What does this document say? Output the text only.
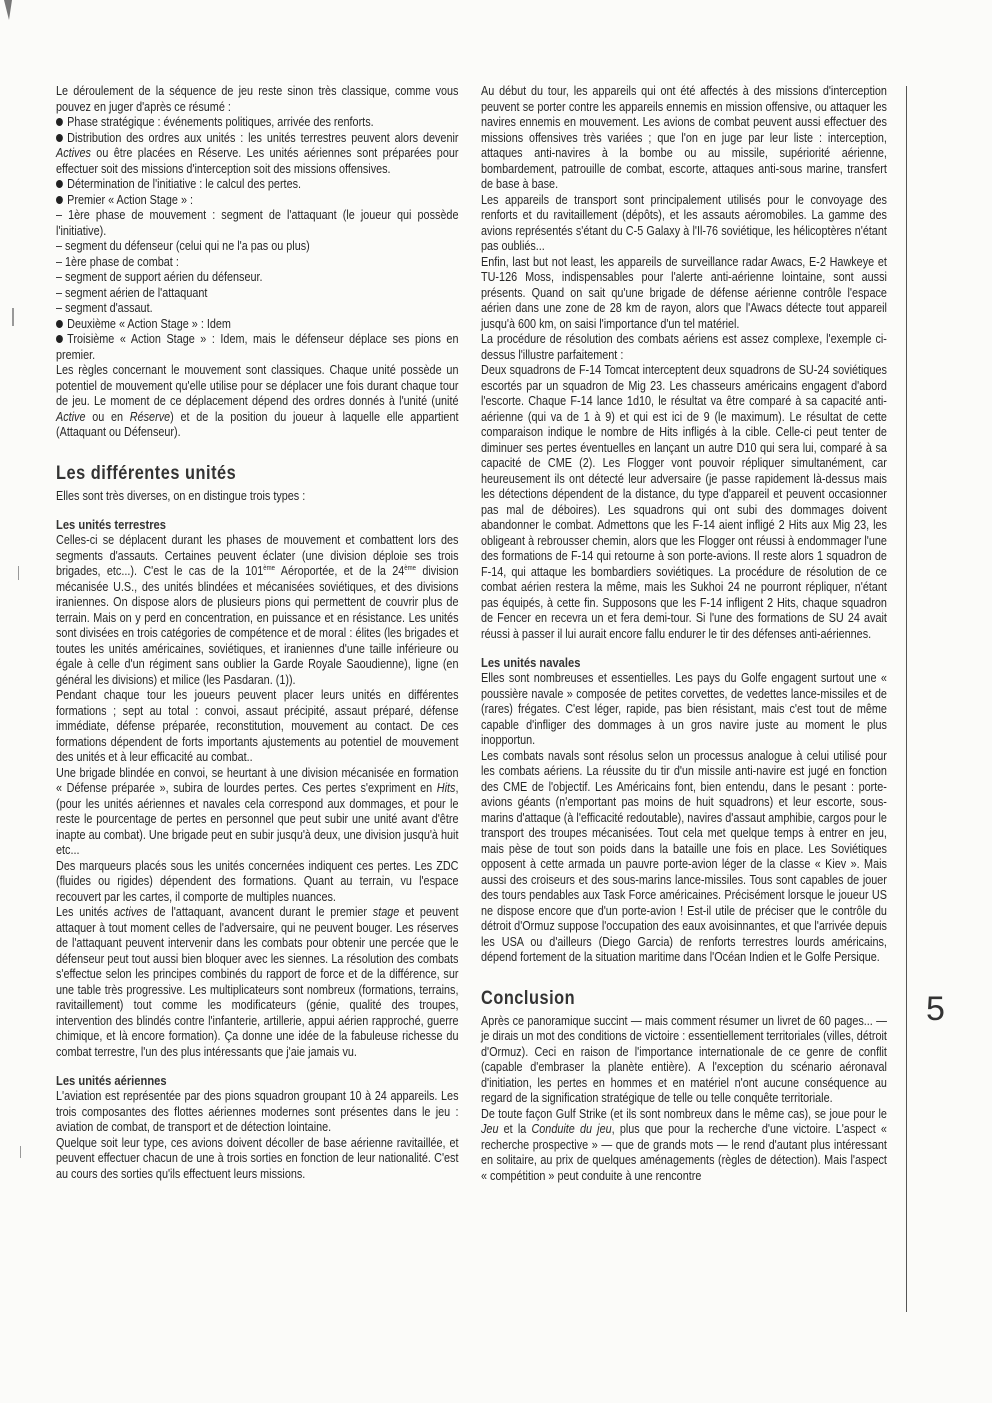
Le déroulement de la séquence de jeu reste sinon très classique, comme vous pouvez en juger d'après ce résumé :

Phase stratégique : événements politiques, arrivée des renforts.

Distribution des ordres aux unités : les unités terrestres peuvent alors devenir Actives ou être placées en Réserve. Les unités aériennes sont préparées pour effectuer soit des missions d'interception soit des missions offensives.

Détermination de l'initiative : le calcul des pertes.

Premier « Action Stage » :

– 1ère phase de mouvement : segment de l'attaquant (le joueur qui possède l'initiative).

– segment du défenseur (celui qui ne l'a pas ou plus)

– 1ère phase de combat :

– segment de support aérien du défenseur.

– segment aérien de l'attaquant

– segment d'assaut.

Deuxième « Action Stage » : Idem

Troisième « Action Stage » : Idem, mais le défenseur déplace ses pions en premier.

Les règles concernant le mouvement sont classiques. Chaque unité possède un potentiel de mouvement qu'elle utilise pour se déplacer une fois durant chaque tour de jeu. Le moment de ce déplacement dépend des ordres donnés à l'unité (unité Active ou en Réserve) et de la position du joueur à laquelle elle appartient (Attaquant ou Défenseur).

Les différentes unités

Elles sont très diverses, on en distingue trois types :

Les unités terrestres

Celles-ci se déplacent durant les phases de mouvement et combattent lors des segments d'assauts. Certaines peuvent éclater (une division déploie ses trois brigades, etc...). C'est le cas de la 101ème Aéroportée, et de la 24ème division mécanisée U.S., des unités blindées et mécanisées soviétiques, et des divisions iraniennes. On dispose alors de plusieurs pions qui permettent de couvrir plus de terrain. Mais on y perd en concentration, en puissance et en résistance. Les unités sont divisées en trois catégories de compétence et de moral : élites (les brigades et toutes les unités américaines, soviétiques, et iraniennes d'une taille inférieure ou égale à celle d'un régiment sans oublier la Garde Royale Saoudienne), ligne (en général les divisions) et milice (les Pasdaran. (1)).

Pendant chaque tour les joueurs peuvent placer leurs unités en différentes formations ; sept au total : convoi, assaut précipité, assaut préparé, défense immédiate, défense préparée, reconstitution, mouvement au contact. De ces formations dépendent de forts importants ajustements au potentiel de mouvement des unités et à leur efficacité au combat..

Une brigade blindée en convoi, se heurtant à une division mécanisée en formation « Défense préparée », subira de lourdes pertes. Ces pertes s'expriment en Hits, (pour les unités aériennes et navales cela correspond aux dommages, et pour le reste le pourcentage de pertes en personnel que peut subir une unité avant d'être inapte au combat). Une brigade peut en subir jusqu'à deux, une division jusqu'à huit etc...

Des marqueurs placés sous les unités concernées indiquent ces pertes. Les ZDC (fluides ou rigides) dépendent des formations. Quant au terrain, vu l'espace recouvert par les cartes, il comporte de multiples nuances.

Les unités actives de l'attaquant, avancent durant le premier stage et peuvent attaquer à tout moment celles de l'adversaire, qui ne peuvent bouger. Les réserves de l'attaquant peuvent intervenir dans les combats pour obtenir une percée que le défenseur peut tout aussi bien bloquer avec les siennes. La résolution des combats s'effectue selon les principes combinés du rapport de force et de la différence, sur une table très progressive. Les multiplicateurs sont nombreux (formations, terrains, ravitaillement) tout comme les modificateurs (génie, qualité des troupes, intervention des blindés contre l'infanterie, artillerie, appui aérien rapproché, guerre chimique, et là encore formation). Ça donne une idée de la fabuleuse richesse du combat terrestre, l'un des plus intéressants que j'aie jamais vu.

Les unités aériennes

L'aviation est représentée par des pions squadron groupant 10 à 24 appareils. Les trois composantes des flottes aériennes modernes sont présentes dans le jeu : aviation de combat, de transport et de détection lointaine.

Quelque soit leur type, ces avions doivent décoller de base aérienne ravitaillée, et peuvent effectuer chacun de une à trois sorties en fonction de leur nationalité. C'est au cours des sorties qu'ils effectuent leurs missions.

Au début du tour, les appareils qui ont été affectés à des missions d'interception peuvent se porter contre les appareils ennemis en mission offensive, ou attaquer les navires ennemis en mouvement. Les avions de combat peuvent aussi effectuer des missions offensives très variées ; que l'on en juge par leur liste : interception, attaques anti-navires à la bombe ou au missile, supériorité aérienne, bombardement, patrouille de combat, escorte, attaques anti-sous marine, transfert de base à base.

Les appareils de transport sont principalement utilisés pour le convoyage des renforts et du ravitaillement (dépôts), et les assauts aéromobiles. La gamme des avions représentés s'étant du C-5 Galaxy à l'Il-76 soviétique, les hélicoptères n'étant pas oubliés...

Enfin, last but not least, les appareils de surveillance radar Awacs, E-2 Hawkeye et TU-126 Moss, indispensables pour l'alerte anti-aérienne lointaine, sont aussi présents. Quand on sait qu'une brigade de défense aérienne contrôle l'espace aérien dans une zone de 28 km de rayon, alors que l'Awacs détecte tout appareil jusqu'à 600 km, on saisi l'importance d'un tel matériel.

La procédure de résolution des combats aériens est assez complexe, l'exemple ci-dessus l'illustre parfaitement :

Deux squadrons de F-14 Tomcat interceptent deux squadrons de SU-24 soviétiques escortés par un squadron de Mig 23. Les chasseurs américains engagent d'abord l'escorte. Chaque F-14 lance 1d10, le résultat va être comparé à sa capacité anti-aérienne (qui va de 1 à 9) et qui est ici de 9 (le maximum). Le résultat de cette comparaison indique le nombre de Hits infligés à la cible. Celle-ci peut tenter de diminuer ses pertes éventuelles en lançant un autre D10 qui sera lui, comparé à sa capacité de CME (2). Les Flogger vont pouvoir répliquer simultanément, car heureusement ils ont détecté leur adversaire (je passe rapidement là-dessus mais les détections dépendent de la distance, du type d'appareil et peuvent occasionner pas mal de déboires). Les squadrons qui ont subi des dommages doivent abandonner le combat. Admettons que les F-14 aient infligé 2 Hits aux Mig 23, les obligeant à rebrousser chemin, alors que les Flogger ont réussi à endommager l'une des formations de F-14 qui retourne à son porte-avions. Il reste alors 1 squadron de F-14, qui attaque les bombardiers soviétiques. La procédure de résolution de ce combat aérien restera la même, mais les Sukhoi 24 ne pourront répliquer, n'étant pas équipés, à cette fin. Supposons que les F-14 infligent 2 Hits, chaque squadron de Fencer en recevra un et fera demi-tour. Si l'une des formations de SU 24 avait réussi à passer il lui aurait encore fallu endurer le tir des défenses anti-aériennes.

Les unités navales

Elles sont nombreuses et essentielles. Les pays du Golfe engagent surtout une « poussière navale » composée de petites corvettes, de vedettes lance-missiles et de (rares) frégates. C'est léger, rapide, pas bien résistant, mais c'est tout de même capable d'infliger des dommages à un gros navire juste au moment le plus inopportun.

Les combats navals sont résolus selon un processus analogue à celui utilisé pour les combats aériens. La réussite du tir d'un missile anti-navire est jugé en fonction des CME de l'objectif. Les Américains font, bien entendu, dans le pesant : porte-avions géants (n'emportant pas moins de huit squadrons) et leur escorte, sous-marins d'attaque (à l'efficacité redoutable), navires d'assaut amphibie, cargos pour le transport des troupes mécanisées. Tout cela met quelque temps à entrer en jeu, mais pèse de tout son poids dans la bataille une fois en place. Les Soviétiques opposent à cette armada un pauvre porte-avion léger de la classe « Kiev ». Mais aussi des croiseurs et des sous-marins lance-missiles. Tous sont capables de jouer des tours pendables aux Task Force américaines. Précisément lorsque le joueur US ne dispose encore que d'un porte-avion ! Est-il utile de préciser que le contrôle du détroit d'Ormuz suppose l'occupation des eaux avoisinnantes, et que l'arrivée depuis les USA ou d'ailleurs (Diego Garcia) de renforts terrestres lourds américains, dépend fortement de la situation maritime dans l'Océan Indien et le Golfe Persique.

Conclusion

Après ce panoramique succint — mais comment résumer un livret de 60 pages... — je dirais un mot des conditions de victoire : essentiellement territoriales (villes, détroit d'Ormuz). Ceci en raison de l'importance internationale de ce genre de conflit (capable d'embraser la planète entière). A l'exception du scénario aéronaval d'initiation, les pertes en hommes et en matériel n'ont aucune conséquence au regard de la signification stratégique de telle ou telle conquête territoriale.

De toute façon Gulf Strike (et ils sont nombreux dans le même cas), se joue pour le Jeu et la Conduite du jeu, plus que pour la recherche d'une victoire. L'aspect « recherche prospective » — que de grands mots — le rend d'autant plus intéressant en solitaire, au prix de quelques aménagements (règles de détection). Mais l'aspect « compétition » peut conduite à une rencontre

5
